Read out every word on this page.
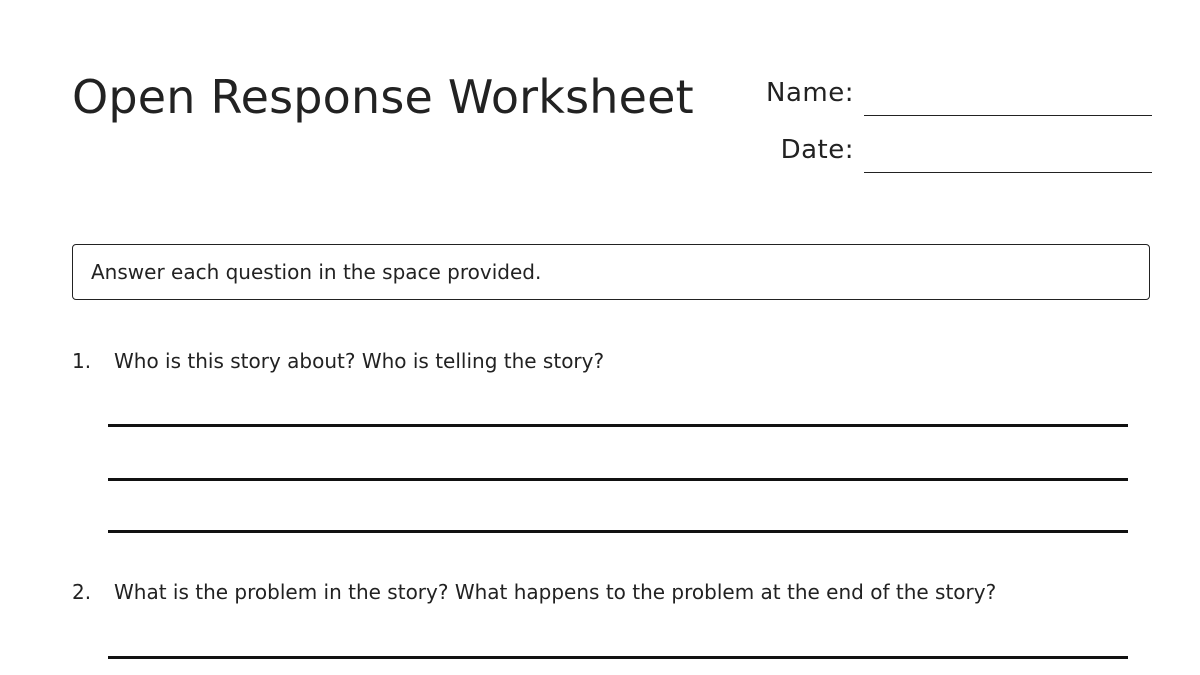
Open Response Worksheet	Name:
Date:
Answer each question in the space provided.
1. Who is this story about? Who is telling the story?
2. What is the problem in the story? What happens to the problem at the end of the story?
